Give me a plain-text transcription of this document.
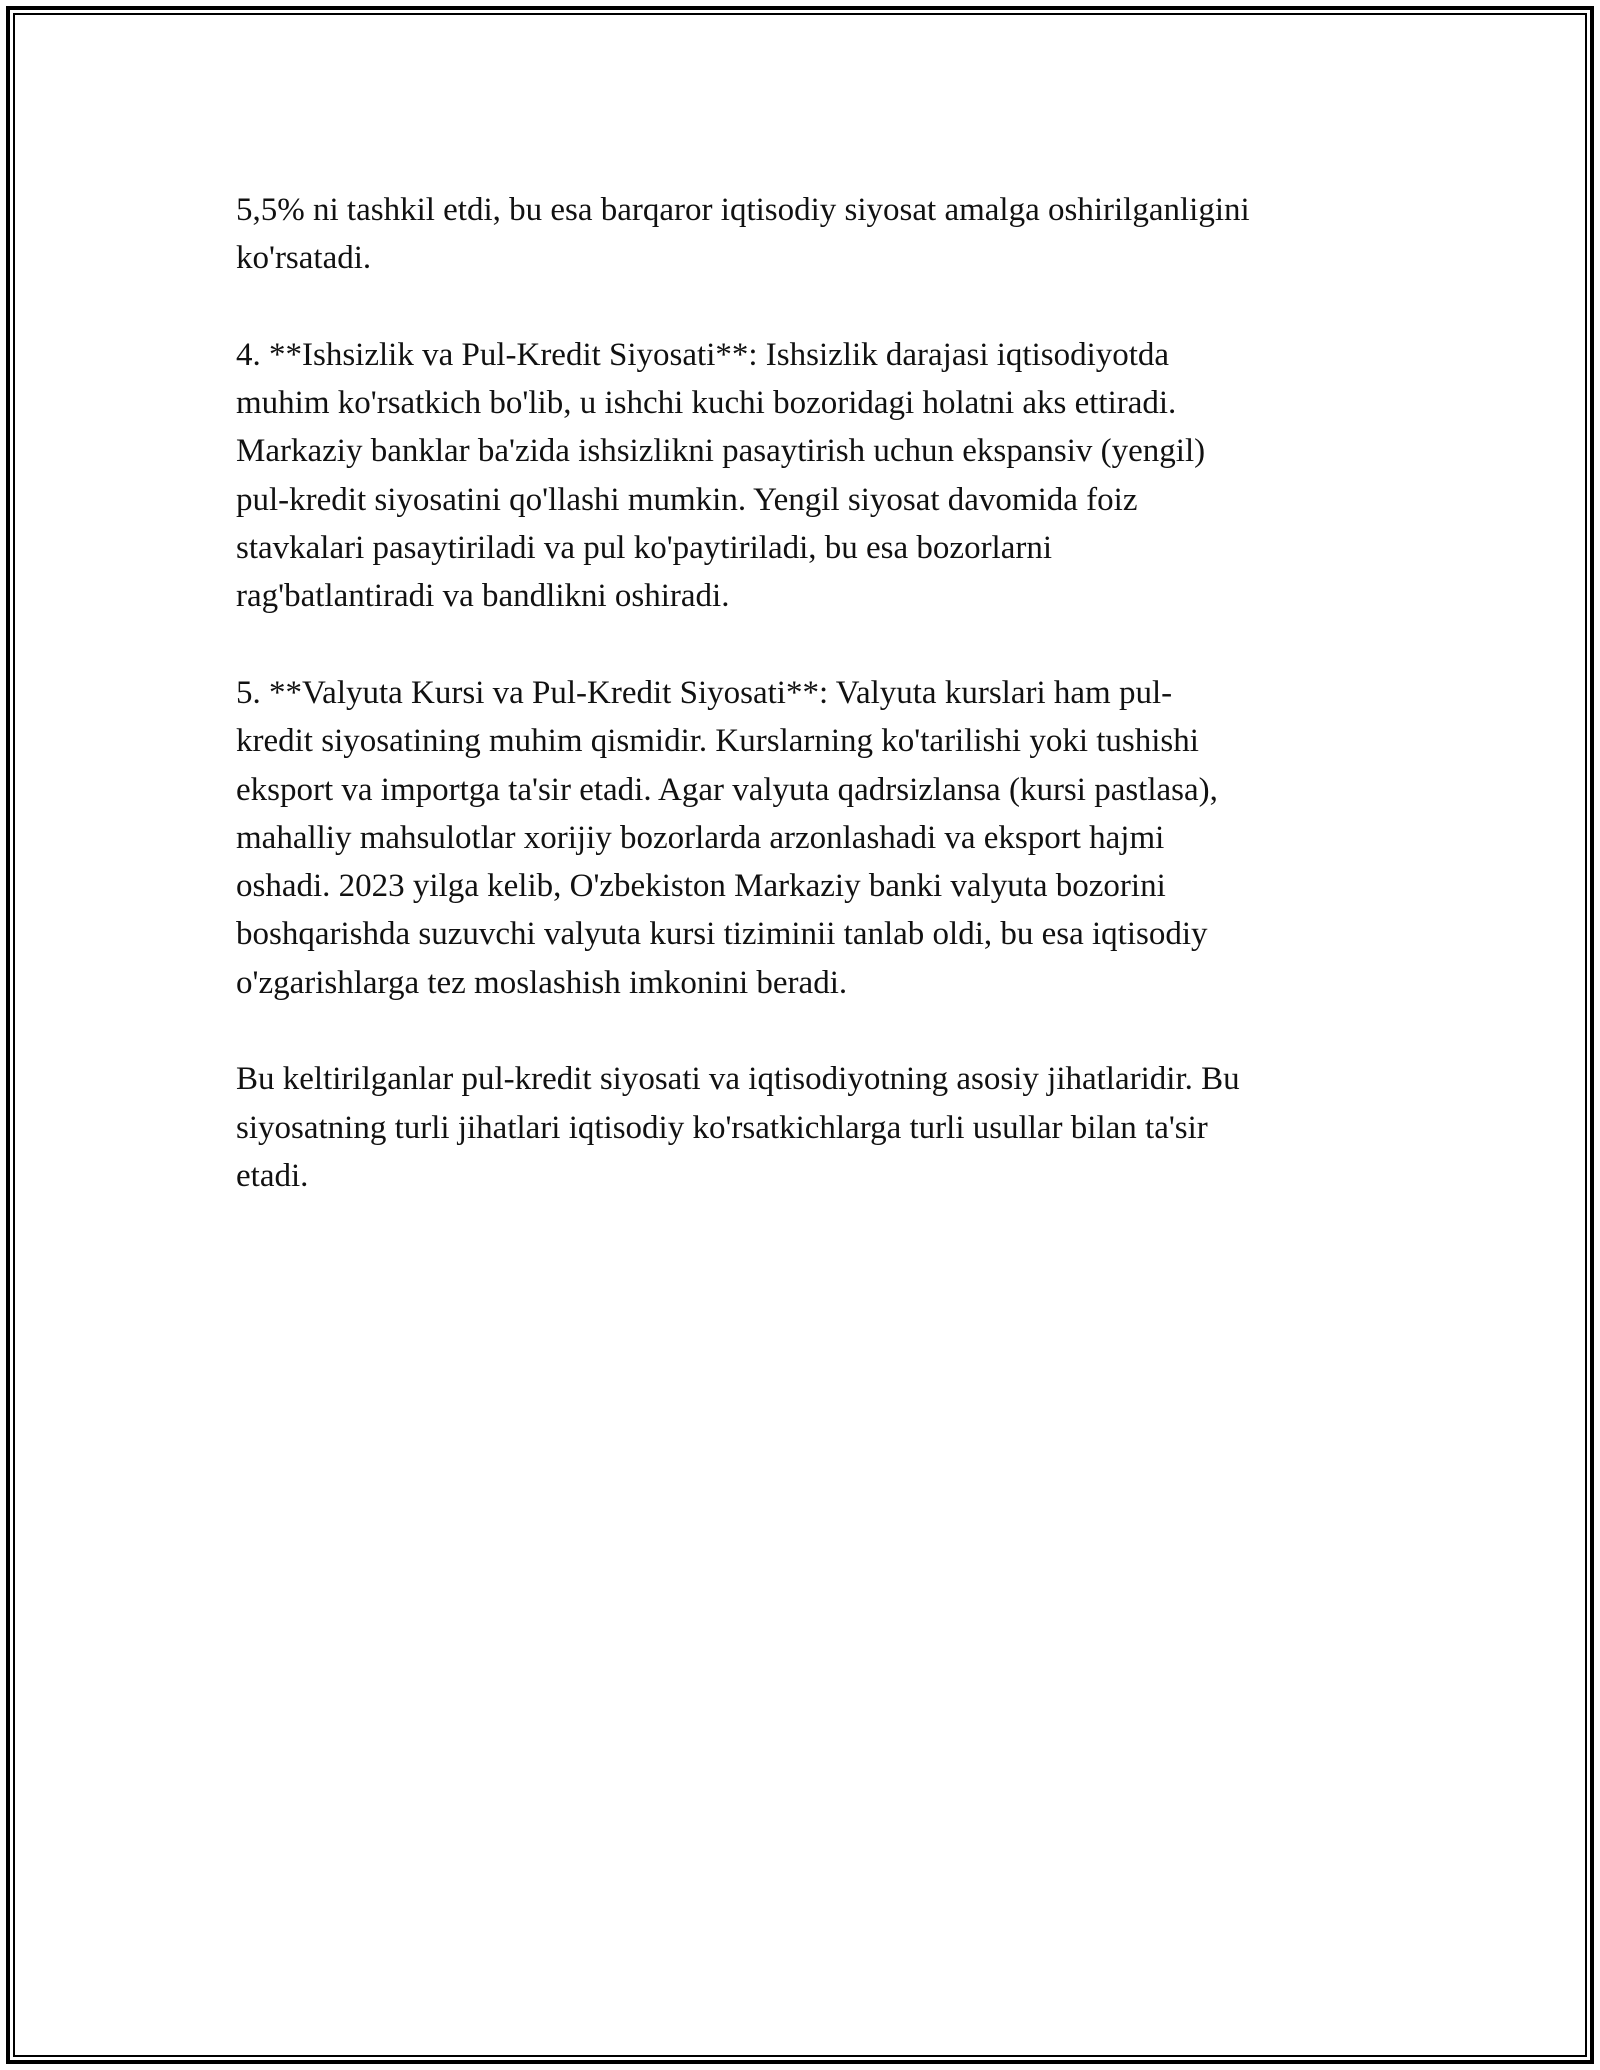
5,5% ni tashkil etdi, bu esa barqaror iqtisodiy siyosat amalga oshirilganligini
ko'rsatadi.

4. **Ishsizlik va Pul-Kredit Siyosati**: Ishsizlik darajasi iqtisodiyotda
muhim ko'rsatkich bo'lib, u ishchi kuchi bozoridagi holatni aks ettiradi.
Markaziy banklar ba'zida ishsizlikni pasaytirish uchun ekspansiv (yengil)
pul-kredit siyosatini qo'llashi mumkin. Yengil siyosat davomida foiz
stavkalari pasaytiriladi va pul ko'paytiriladi, bu esa bozorlarni
rag'batlantiradi va bandlikni oshiradi.

5. **Valyuta Kursi va Pul-Kredit Siyosati**: Valyuta kurslari ham pul-
kredit siyosatining muhim qismidir. Kurslarning ko'tarilishi yoki tushishi
eksport va importga ta'sir etadi. Agar valyuta qadrsizlansa (kursi pastlasa),
mahalliy mahsulotlar xorijiy bozorlarda arzonlashadi va eksport hajmi
oshadi. 2023 yilga kelib, O'zbekiston Markaziy banki valyuta bozorini
boshqarishda suzuvchi valyuta kursi tiziminii tanlab oldi, bu esa iqtisodiy
o'zgarishlarga tez moslashish imkonini beradi.

Bu keltirilganlar pul-kredit siyosati va iqtisodiyotning asosiy jihatlaridir. Bu
siyosatning turli jihatlari iqtisodiy ko'rsatkichlarga turli usullar bilan ta'sir
etadi.
